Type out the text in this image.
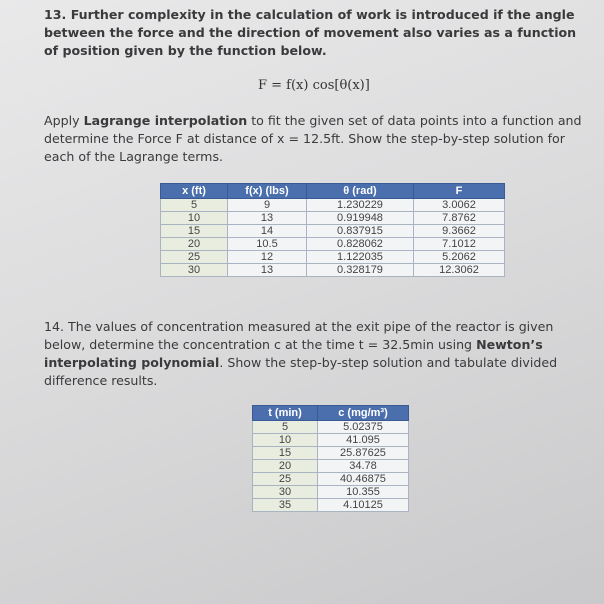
13. Further complexity in the calculation of work is introduced if the angle between the force and the direction of movement also varies as a function of position given by the function below.
F = f(x) cos[θ(x)]
Apply Lagrange interpolation to fit the given set of data points into a function and determine the Force F at distance of x = 12.5ft. Show the step-by-step solution for each of the Lagrange terms.
x (ft)	f(x) (lbs)	θ (rad)	F
5	9	1.230229	3.0062
10	13	0.919948	7.8762
15	14	0.837915	9.3662
20	10.5	0.828062	7.1012
25	12	1.122035	5.2062
30	13	0.328179	12.3062
14. The values of concentration measured at the exit pipe of the reactor is given below, determine the concentration c at the time t = 32.5min using Newton’s interpolating polynomial. Show the step-by-step solution and tabulate divided difference results.
t (min)	c (mg/m³)
5	5.02375
10	41.095
15	25.87625
20	34.78
25	40.46875
30	10.355
35	4.10125
